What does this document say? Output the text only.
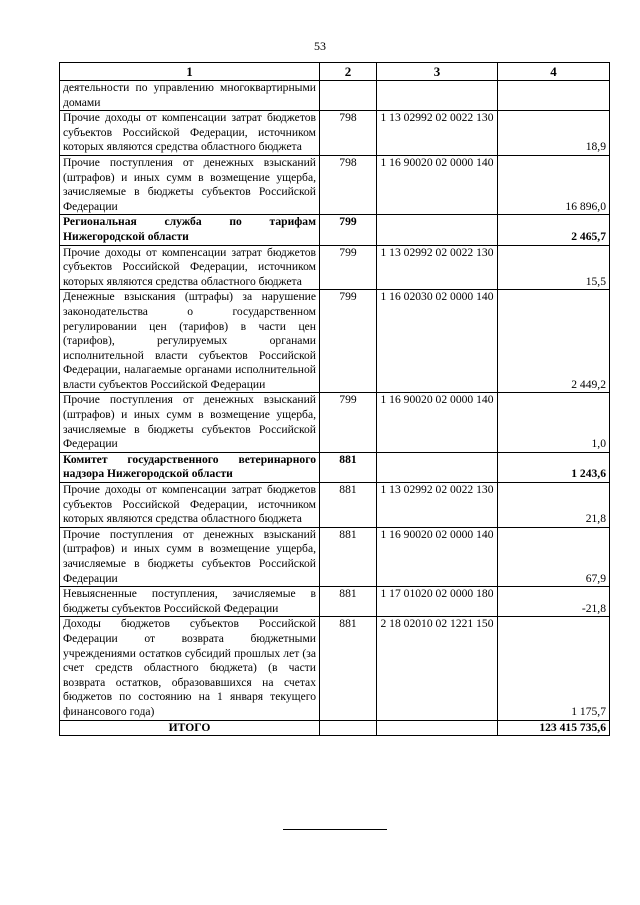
53
1	2	3	4
деятельности по управлению многоквартирными домами			
Прочие доходы от компенсации затрат бюджетов субъектов Российской Федерации, источником которых являются средства областного бюджета	798	1 13 02992 02 0022 130	18,9
Прочие поступления от денежных взысканий (штрафов) и иных сумм в возмещение ущерба, зачисляемые в бюджеты субъектов Российской Федерации	798	1 16 90020 02 0000 140	16 896,0
Региональная служба по тарифам Нижегородской области	799		2 465,7
Прочие доходы от компенсации затрат бюджетов субъектов Российской Федерации, источником которых являются средства областного бюджета	799	1 13 02992 02 0022 130	15,5
Денежные взыскания (штрафы) за нарушение законодательства о государственном регулировании цен (тарифов) в части цен (тарифов), регулируемых органами исполнительной власти субъектов Российской Федерации, налагаемые органами исполнительной власти субъектов Российской Федерации	799	1 16 02030 02 0000 140	2 449,2
Прочие поступления от денежных взысканий (штрафов) и иных сумм в возмещение ущерба, зачисляемые в бюджеты субъектов Российской Федерации	799	1 16 90020 02 0000 140	1,0
Комитет государственного ветеринарного надзора Нижегородской области	881		1 243,6
Прочие доходы от компенсации затрат бюджетов субъектов Российской Федерации, источником которых являются средства областного бюджета	881	1 13 02992 02 0022 130	21,8
Прочие поступления от денежных взысканий (штрафов) и иных сумм в возмещение ущерба, зачисляемые в бюджеты субъектов Российской Федерации	881	1 16 90020 02 0000 140	67,9
Невыясненные поступления, зачисляемые в бюджеты субъектов Российской Федерации	881	1 17 01020 02 0000 180	-21,8
Доходы бюджетов субъектов Российской Федерации от возврата бюджетными учреждениями остатков субсидий прошлых лет (за счет средств областного бюджета) (в части возврата остатков, образовавшихся на счетах бюджетов по состоянию на 1 января текущего финансового года)	881	2 18 02010 02 1221 150	1 175,7
ИТОГО			123 415 735,6
